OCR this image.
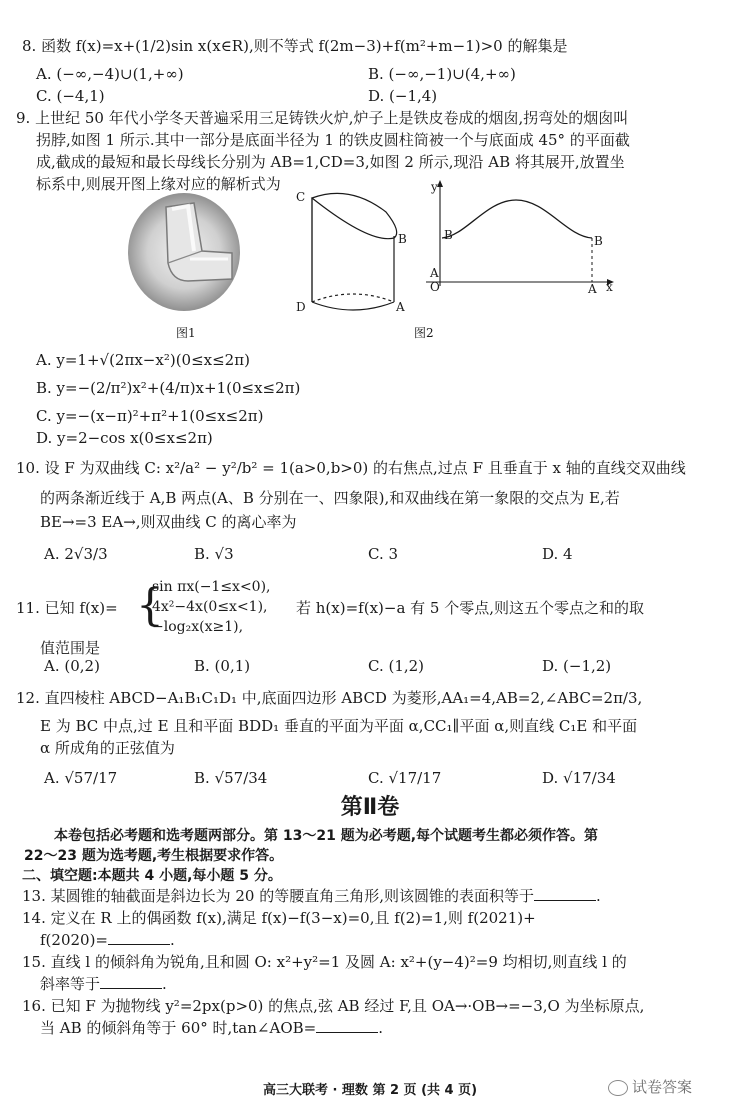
8. 函数 f(x)=x+(1/2)sin x(x∈R),则不等式 f(2m−3)+f(m²+m−1)>0 的解集是
A. (−∞,−4)∪(1,+∞)	B. (−∞,−1)∪(4,+∞)
C. (−4,1)	D. (−1,4)
9. 上世纪 50 年代小学冬天普遍采用三足铸铁火炉,炉子上是铁皮卷成的烟囱,拐弯处的烟囱叫
拐脖,如图 1 所示.其中一部分是底面半径为 1 的铁皮圆柱筒被一个与底面成 45° 的平面截
成,截成的最短和最长母线长分别为 AB=1,CD=3,如图 2 所示,现沿 AB 将其展开,放置坐
标系中,则展开图上缘对应的解析式为
C
B
D	A
y
B	B
A
O	A x
图1	图2
A. y=1+√(2πx−x²)(0≤x≤2π)
B. y=−(2/π²)x²+(4/π)x+1(0≤x≤2π)
C. y=−(x−π)²+π²+1(0≤x≤2π)
D. y=2−cos x(0≤x≤2π)
10. 设 F 为双曲线 C: x²/a² − y²/b² = 1(a>0,b>0) 的右焦点,过点 F 且垂直于 x 轴的直线交双曲线
的两条渐近线于 A,B 两点(A、B 分别在一、四象限),和双曲线在第一象限的交点为 E,若
BE→=3 EA→,则双曲线 C 的离心率为
A. 2√3/3	B. √3	C. 3	D. 4
11. 已知 f(x)= {
sin πx(−1≤x<0),
4x²−4x(0≤x<1),
−log₂x(x≥1),
若 h(x)=f(x)−a 有 5 个零点,则这五个零点之和的取
值范围是
A. (0,2)	B. (0,1)	C. (1,2)	D. (−1,2)
12. 直四棱柱 ABCD−A₁B₁C₁D₁ 中,底面四边形 ABCD 为菱形,AA₁=4,AB=2,∠ABC=2π/3,
E 为 BC 中点,过 E 且和平面 BDD₁ 垂直的平面为平面 α,CC₁∥平面 α,则直线 C₁E 和平面
α 所成角的正弦值为
A. √57/17	B. √57/34	C. √17/17	D. √17/34
第Ⅱ卷
本卷包括必考题和选考题两部分。第 13～21 题为必考题,每个试题考生都必须作答。第
22～23 题为选考题,考生根据要求作答。
二、填空题:本题共 4 小题,每小题 5 分。
13. 某圆锥的轴截面是斜边长为 20 的等腰直角三角形,则该圆锥的表面积等于	.
14. 定义在 R 上的偶函数 f(x),满足 f(x)−f(3−x)=0,且 f(2)=1,则 f(2021)+
f(2020)=	.
15. 直线 l 的倾斜角为锐角,且和圆 O: x²+y²=1 及圆 A: x²+(y−4)²=9 均相切,则直线 l 的
斜率等于	.
16. 已知 F 为抛物线 y²=2px(p>0) 的焦点,弦 AB 经过 F,且 OA→·OB→=−3,O 为坐标原点,
当 AB 的倾斜角等于 60° 时,tan∠AOB=	.
高三大联考 · 理数 第 2 页 (共 4 页)	试卷答案
